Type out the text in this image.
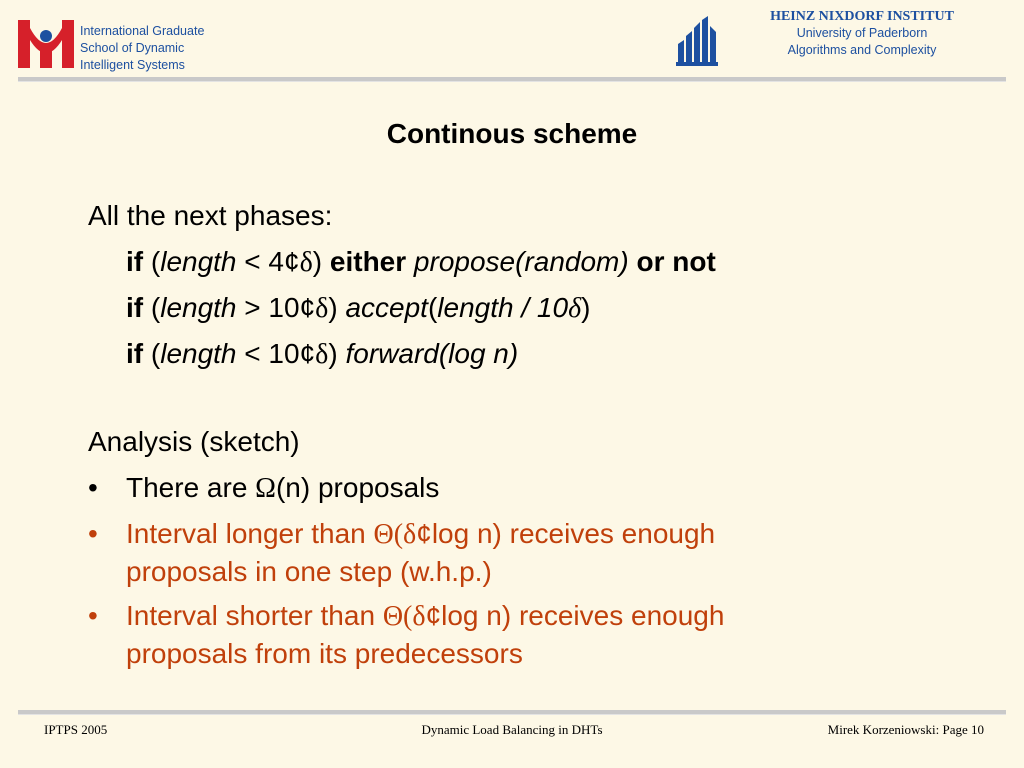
International Graduate
School of Dynamic
Intelligent Systems
HEINZ NIXDORF INSTITUT
University of Paderborn
Algorithms and Complexity
Continous scheme
All the next phases:
if (length < 4¢δ) either propose(random) or not
if (length > 10¢δ) accept(length / 10δ)
if (length < 10¢δ) forward(log n)
Analysis (sketch)
• There are Ω(n) proposals
• Interval longer than Θ(δ¢log n) receives enough
proposals in one step (w.h.p.)
• Interval shorter than Θ(δ¢log n) receives enough
proposals from its predecessors
IPTPS 2005	Dynamic Load Balancing in DHTs	Mirek Korzeniowski: Page 10
